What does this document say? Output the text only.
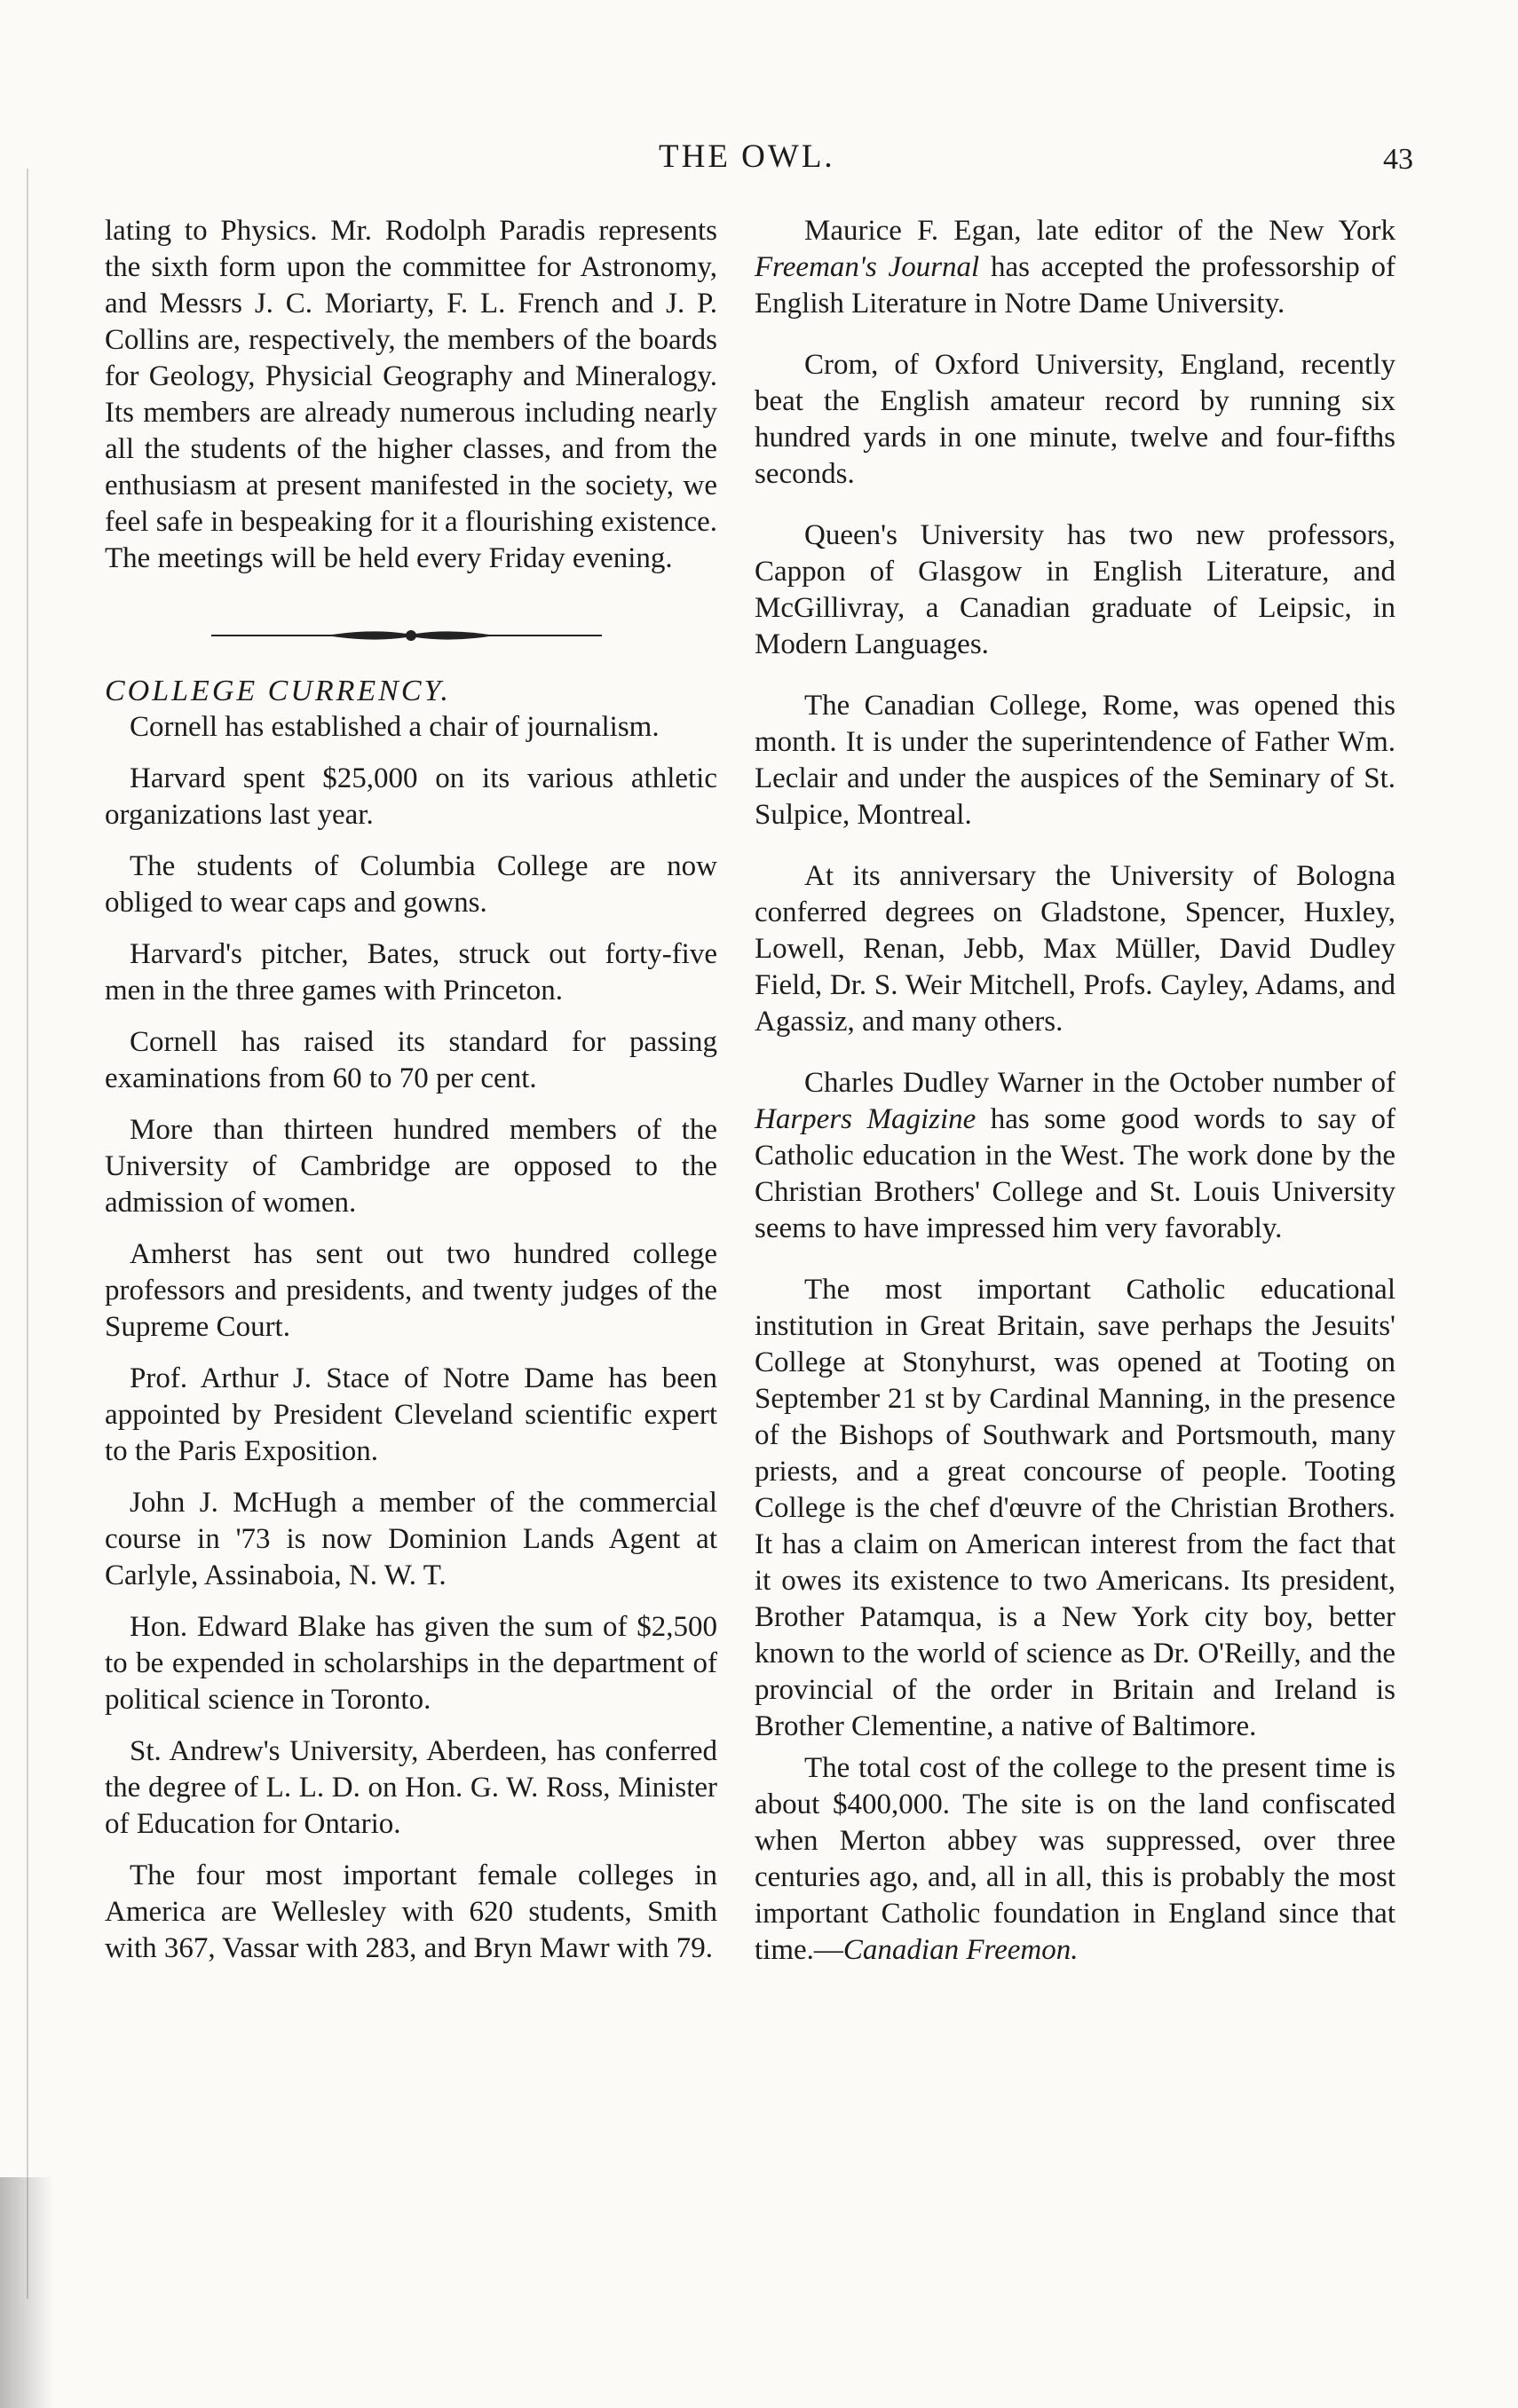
THE OWL.	43

lating to Physics. Mr. Rodolph Paradis represents the sixth form upon the committee for Astronomy, and Messrs J. C. Moriarty, F. L. French and J. P. Collins are, respectively, the members of the boards for Geology, Physicial Geography and Mineralogy. Its members are already numerous including nearly all the students of the higher classes, and from the enthusiasm at present manifested in the society, we feel safe in bespeaking for it a flourishing existence. The meetings will be held every Friday evening.

COLLEGE CURRENCY.

Cornell has established a chair of journalism.

Harvard spent $25,000 on its various athletic organizations last year.

The students of Columbia College are now obliged to wear caps and gowns.

Harvard's pitcher, Bates, struck out forty-five men in the three games with Princeton.

Cornell has raised its standard for passing examinations from 60 to 70 per cent.

More than thirteen hundred members of the University of Cambridge are opposed to the admission of women.

Amherst has sent out two hundred college professors and presidents, and twenty judges of the Supreme Court.

Prof. Arthur J. Stace of Notre Dame has been appointed by President Cleveland scientific expert to the Paris Exposition.

John J. McHugh a member of the commercial course in '73 is now Dominion Lands Agent at Carlyle, Assinaboia, N. W. T.

Hon. Edward Blake has given the sum of $2,500 to be expended in scholarships in the department of political science in Toronto.

St. Andrew's University, Aberdeen, has conferred the degree of L. L. D. on Hon. G. W. Ross, Minister of Education for Ontario.

The four most important female colleges in America are Wellesley with 620 students, Smith with 367, Vassar with 283, and Bryn Mawr with 79.

Maurice F. Egan, late editor of the New York Freeman's Journal has accepted the professorship of English Literature in Notre Dame University.

Crom, of Oxford University, England, recently beat the English amateur record by running six hundred yards in one minute, twelve and four-fifths seconds.

Queen's University has two new professors, Cappon of Glasgow in English Literature, and McGillivray, a Canadian graduate of Leipsic, in Modern Languages.

The Canadian College, Rome, was opened this month. It is under the superintendence of Father Wm. Leclair and under the auspices of the Seminary of St. Sulpice, Montreal.

At its anniversary the University of Bologna conferred degrees on Gladstone, Spencer, Huxley, Lowell, Renan, Jebb, Max Müller, David Dudley Field, Dr. S. Weir Mitchell, Profs. Cayley, Adams, and Agassiz, and many others.

Charles Dudley Warner in the October number of Harpers Magizine has some good words to say of Catholic education in the West. The work done by the Christian Brothers' College and St. Louis University seems to have impressed him very favorably.

The most important Catholic educational institution in Great Britain, save perhaps the Jesuits' College at Stonyhurst, was opened at Tooting on September 21 st by Cardinal Manning, in the presence of the Bishops of Southwark and Portsmouth, many priests, and a great concourse of people. Tooting College is the chef d'œuvre of the Christian Brothers. It has a claim on American interest from the fact that it owes its existence to two Americans. Its president, Brother Patamqua, is a New York city boy, better known to the world of science as Dr. O'Reilly, and the provincial of the order in Britain and Ireland is Brother Clementine, a native of Baltimore.

The total cost of the college to the present time is about $400,000. The site is on the land confiscated when Merton abbey was suppressed, over three centuries ago, and, all in all, this is probably the most important Catholic foundation in England since that time.—Canadian Freemon.
